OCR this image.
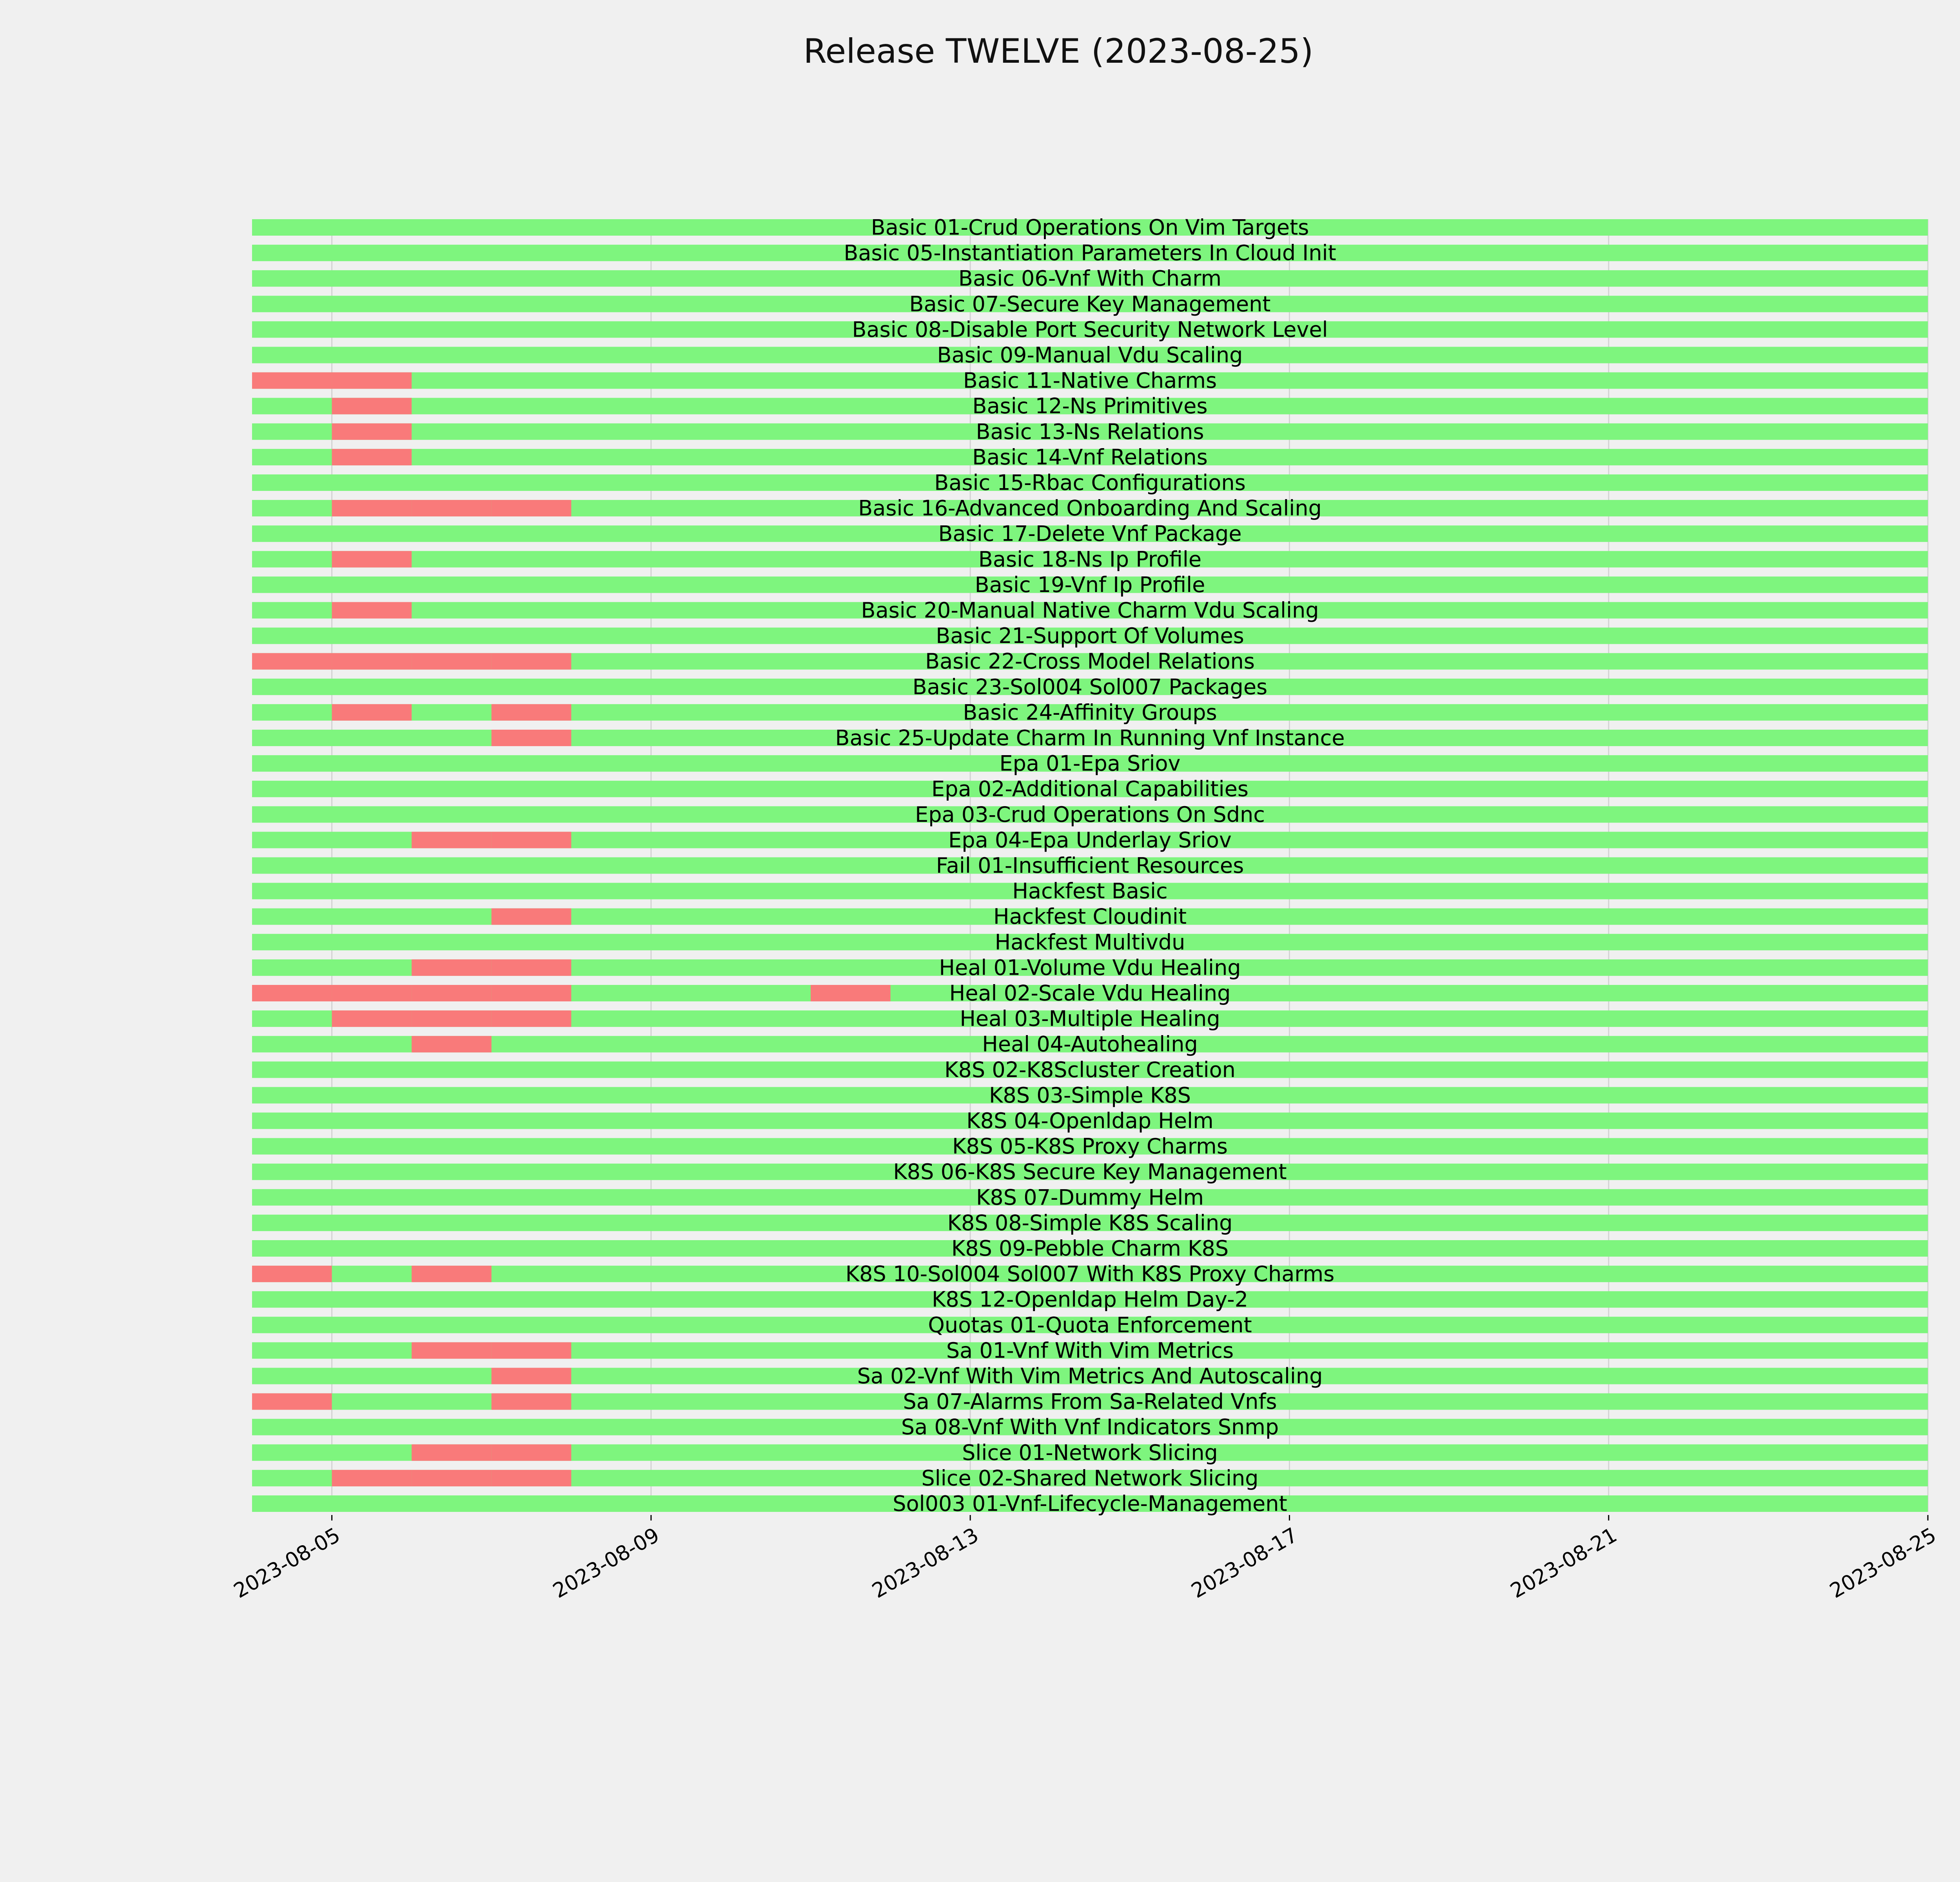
Release TWELVE (2023-08-25)
Basic 01-Crud Operations On Vim Targets
Basic 05-Instantiation Parameters In Cloud Init
Basic 06-Vnf With Charm
Basic 07-Secure Key Management
Basic 08-Disable Port Security Network Level
Basic 09-Manual Vdu Scaling
Basic 11-Native Charms
Basic 12-Ns Primitives
Basic 13-Ns Relations
Basic 14-Vnf Relations
Basic 15-Rbac Configurations
Basic 16-Advanced Onboarding And Scaling
Basic 17-Delete Vnf Package
Basic 18-Ns Ip Profile
Basic 19-Vnf Ip Profile
Basic 20-Manual Native Charm Vdu Scaling
Basic 21-Support Of Volumes
Basic 22-Cross Model Relations
Basic 23-Sol004 Sol007 Packages
Basic 24-Affinity Groups
Basic 25-Update Charm In Running Vnf Instance
Epa 01-Epa Sriov
Epa 02-Additional Capabilities
Epa 03-Crud Operations On Sdnc
Epa 04-Epa Underlay Sriov
Fail 01-Insufficient Resources
Hackfest Basic
Hackfest Cloudinit
Hackfest Multivdu
Heal 01-Volume Vdu Healing
Heal 02-Scale Vdu Healing
Heal 03-Multiple Healing
Heal 04-Autohealing
K8S 02-K8Scluster Creation
K8S 03-Simple K8S
K8S 04-Openldap Helm
K8S 05-K8S Proxy Charms
K8S 06-K8S Secure Key Management
K8S 07-Dummy Helm
K8S 08-Simple K8S Scaling
K8S 09-Pebble Charm K8S
K8S 10-Sol004 Sol007 With K8S Proxy Charms
K8S 12-Openldap Helm Day-2
Quotas 01-Quota Enforcement
Sa 01-Vnf With Vim Metrics
Sa 02-Vnf With Vim Metrics And Autoscaling
Sa 07-Alarms From Sa-Related Vnfs
Sa 08-Vnf With Vnf Indicators Snmp
Slice 01-Network Slicing
Slice 02-Shared Network Slicing
Sol003 01-Vnf-Lifecycle-Management
2023-08-05	2023-08-09	2023-08-13	2023-08-17	2023-08-21	2023-08-25
